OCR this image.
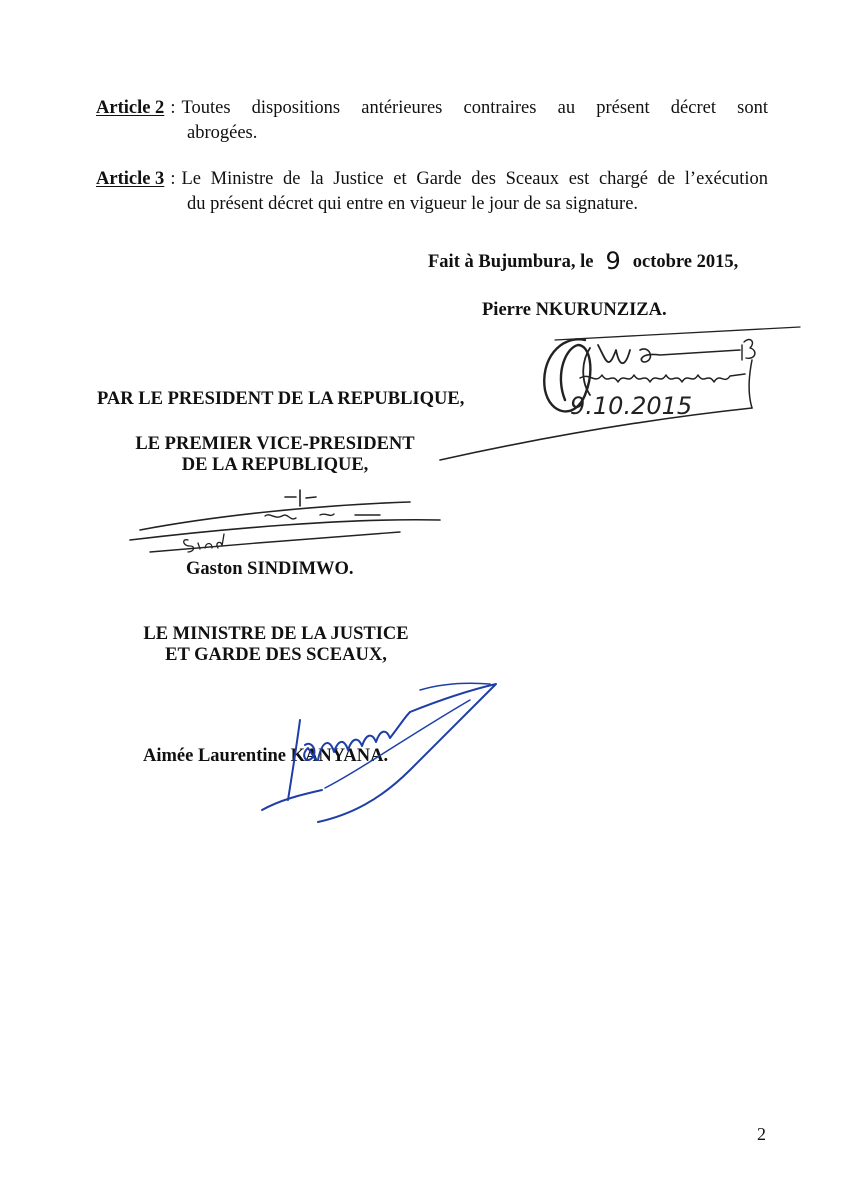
Article 2 : Toutes dispositions antérieures contraires au présent décret sont
abrogées.
Article 3 : Le Ministre de la Justice et Garde des Sceaux est chargé de l’exécution
du présent décret qui entre en vigueur le jour de sa signature.
Fait à Bujumbura, le 9 octobre 2015,
Pierre NKURUNZIZA.
9.10.2015
PAR LE PRESIDENT DE LA REPUBLIQUE,
LE PREMIER VICE-PRESIDENT
DE LA REPUBLIQUE,
Gaston SINDIMWO.
LE MINISTRE DE LA JUSTICE
ET GARDE DES SCEAUX,
Aimée Laurentine KANYANA.
2
